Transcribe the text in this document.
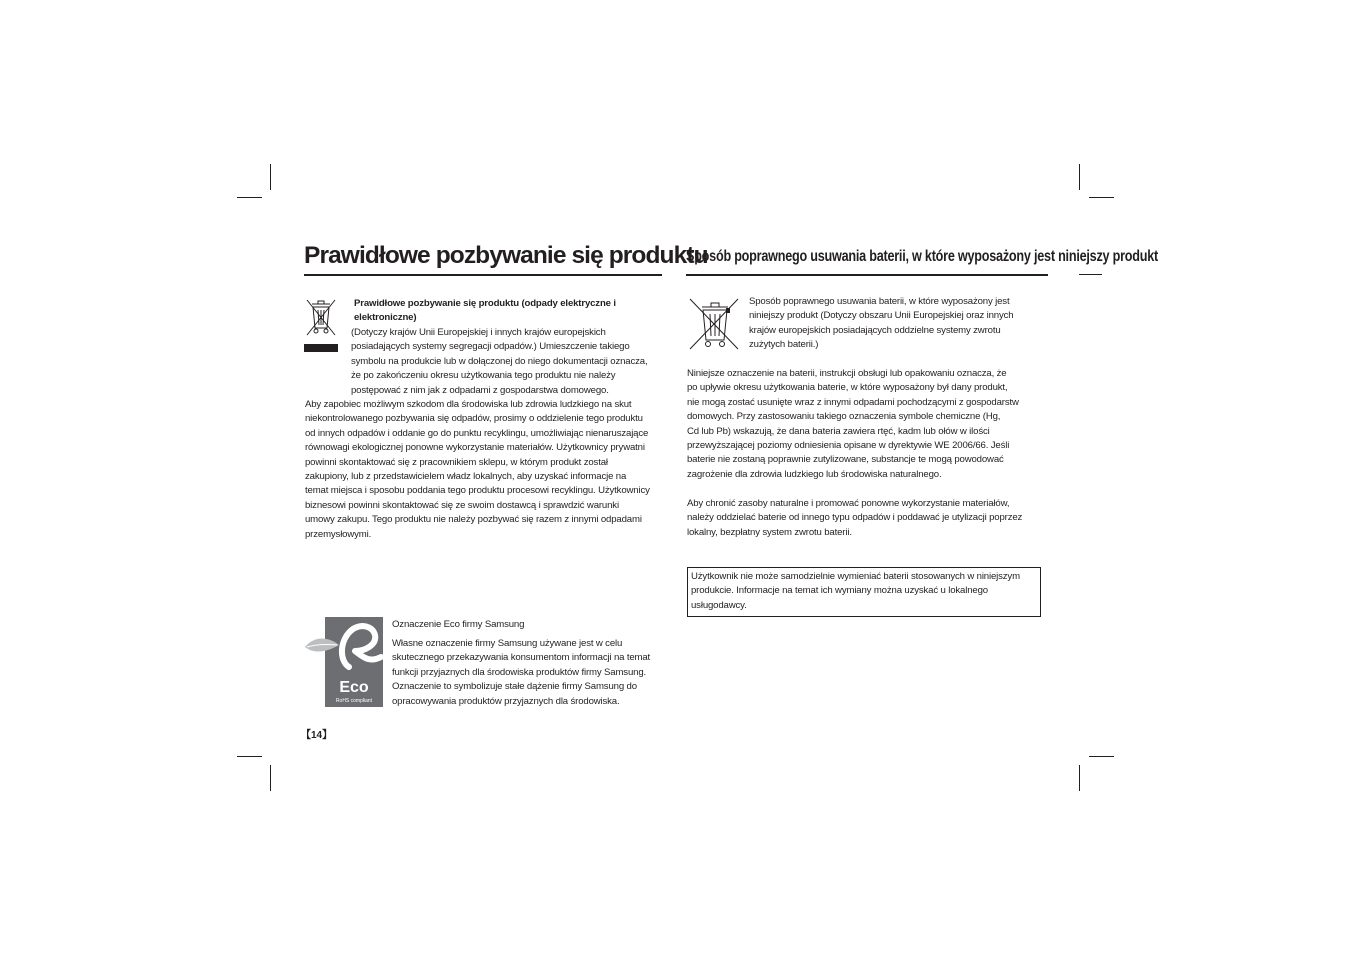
Prawidłowe pozbywanie się produktu
Prawidłowe pozbywanie się produktu (odpady elektryczne i
elektroniczne)
(Dotyczy krajów Unii Europejskiej i innych krajów europejskich
posiadających systemy segregacji odpadów.) Umieszczenie takiego
symbolu na produkcie lub w dołączonej do niego dokumentacji oznacza,
że po zakończeniu okresu użytkowania tego produktu nie należy
postępować z nim jak z odpadami z gospodarstwa domowego.
Aby zapobiec możliwym szkodom dla środowiska lub zdrowia ludzkiego na skut
niekontrolowanego pozbywania się odpadów, prosimy o oddzielenie tego produktu
od innych odpadów i oddanie go do punktu recyklingu, umożliwiając nienaruszające
równowagi ekologicznej ponowne wykorzystanie materiałów. Użytkownicy prywatni
powinni skontaktować się z pracownikiem sklepu, w którym produkt został
zakupiony, lub z przedstawicielem władz lokalnych, aby uzyskać informacje na
temat miejsca i sposobu poddania tego produktu procesowi recyklingu. Użytkownicy
biznesowi powinni skontaktować się ze swoim dostawcą i sprawdzić warunki
umowy zakupu. Tego produktu nie należy pozbywać się razem z innymi odpadami
przemysłowymi.
Eco
RoHS compliant
Oznaczenie Eco firmy Samsung
Własne oznaczenie firmy Samsung używane jest w celu
skutecznego przekazywania konsumentom informacji na temat
funkcji przyjaznych dla środowiska produktów firmy Samsung.
Oznaczenie to symbolizuje stałe dążenie firmy Samsung do
opracowywania produktów przyjaznych dla środowiska.
【14】
Sposób poprawnego usuwania baterii, w które wyposażony jest niniejszy produkt
Sposób poprawnego usuwania baterii, w które wyposażony jest
niniejszy produkt (Dotyczy obszaru Unii Europejskiej oraz innych
krajów europejskich posiadających oddzielne systemy zwrotu
zużytych baterii.)
Niniejsze oznaczenie na baterii, instrukcji obsługi lub opakowaniu oznacza, że
po upływie okresu użytkowania baterie, w które wyposażony był dany produkt,
nie mogą zostać usunięte wraz z innymi odpadami pochodzącymi z gospodarstw
domowych. Przy zastosowaniu takiego oznaczenia symbole chemiczne (Hg,
Cd lub Pb) wskazują, że dana bateria zawiera rtęć, kadm lub ołów w ilości
przewyższającej poziomy odniesienia opisane w dyrektywie WE 2006/66. Jeśli
baterie nie zostaną poprawnie zutylizowane, substancje te mogą powodować
zagrożenie dla zdrowia ludzkiego lub środowiska naturalnego.
Aby chronić zasoby naturalne i promować ponowne wykorzystanie materiałów,
należy oddzielać baterie od innego typu odpadów i poddawać je utylizacji poprzez
lokalny, bezpłatny system zwrotu baterii.
Użytkownik nie może samodzielnie wymieniać baterii stosowanych w niniejszym
produkcie. Informacje na temat ich wymiany można uzyskać u lokalnego
usługodawcy.
